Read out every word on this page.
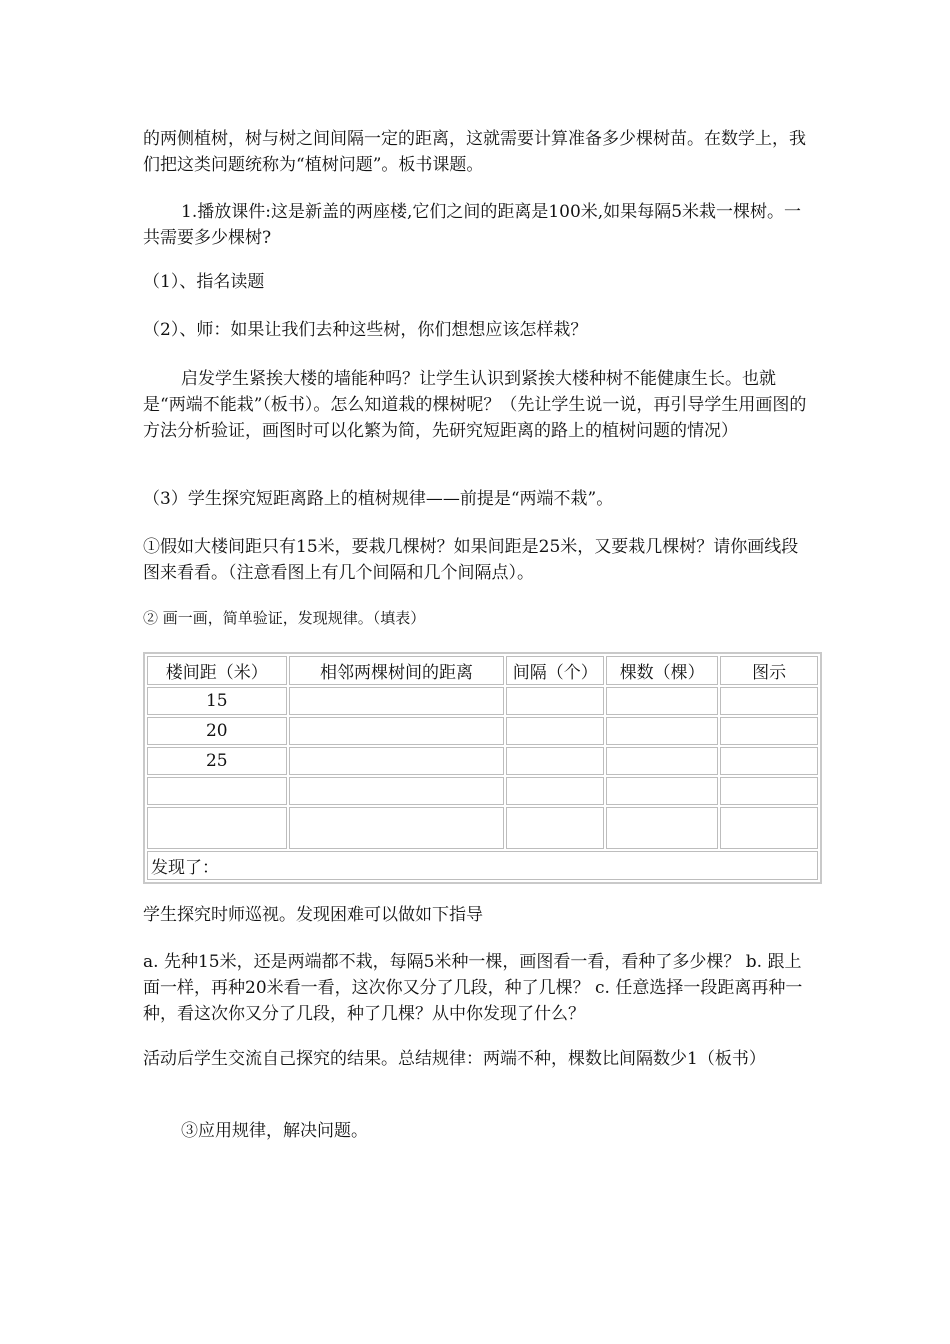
的两侧植树，树与树之间间隔一定的距离，这就需要计算准备多少棵树苗。在数学上，我们把这类问题统称为“植树问题”。板书课题。

1.播放课件:这是新盖的两座楼,它们之间的距离是100米,如果每隔5米栽一棵树。一共需要多少棵树?

（1）、指名读题

（2）、师：如果让我们去种这些树，你们想想应该怎样栽？

启发学生紧挨大楼的墙能种吗？让学生认识到紧挨大楼种树不能健康生长。也就是“两端不能栽”（板书）。怎么知道栽的棵树呢？（先让学生说一说，再引导学生用画图的方法分析验证，画图时可以化繁为简，先研究短距离的路上的植树问题的情况）

（3）学生探究短距离路上的植树规律——前提是“两端不栽”。

①假如大楼间距只有15米，要栽几棵树？如果间距是25米，又要栽几棵树？请你画线段图来看看。（注意看图上有几个间隔和几个间隔点）。

② 画一画，简单验证，发现规律。（填表）

楼间距（米）	相邻两棵树间的距离	间隔（个）	棵数（棵）	图示
15				
20				
25				

发现了：				

学生探究时师巡视。发现困难可以做如下指导

a. 先种15米，还是两端都不栽，每隔5米种一棵，画图看一看，看种了多少棵？ b. 跟上面一样，再种20米看一看，这次你又分了几段，种了几棵？ c. 任意选择一段距离再种一种，看这次你又分了几段，种了几棵？从中你发现了什么？

活动后学生交流自己探究的结果。总结规律：两端不种，棵数比间隔数少1（板书）

③应用规律，解决问题。
